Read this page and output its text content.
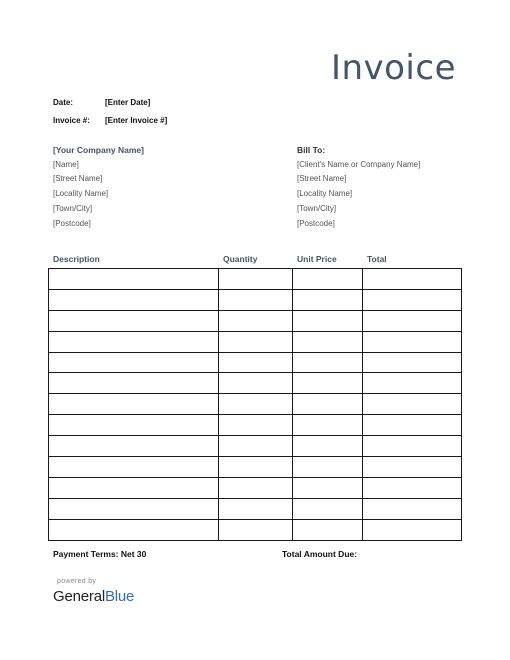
Invoice
Date:	[Enter Date]
Invoice #: [Enter Invoice #]
[Your Company Name]
[Name]
[Street Name]
[Locality Name]
[Town/City]
[Postcode]
Bill To:
[Client's Name or Company Name]
[Street Name]
[Locality Name]
[Town/City]
[Postcode]
Description	Quantity	Unit Price	Total

Payment Terms: Net 30	Total Amount Due:
powered by
GeneralBlue
